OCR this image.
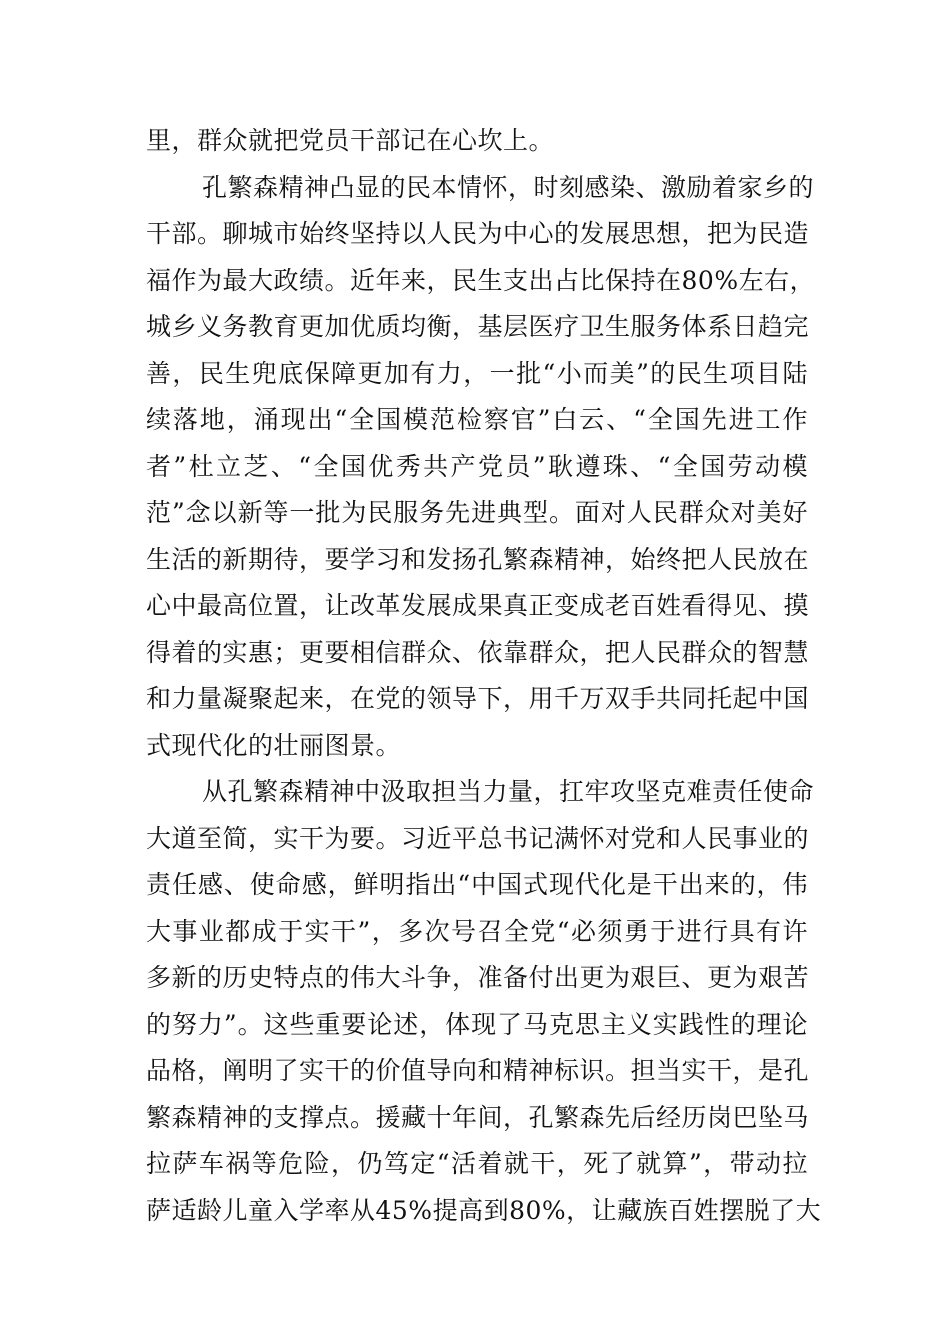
里，群众就把党员干部记在心坎上。
孔繁森精神凸显的民本情怀，时刻感染、激励着家乡的
干部。聊城市始终坚持以人民为中心的发展思想，把为民造
福作为最大政绩。近年来，民生支出占比保持在80%左右，
城乡义务教育更加优质均衡，基层医疗卫生服务体系日趋完
善，民生兜底保障更加有力，一批“小而美”的民生项目陆
续落地，涌现出“全国模范检察官”白云、“全国先进工作
者”杜立芝、“全国优秀共产党员”耿遵珠、“全国劳动模
范”念以新等一批为民服务先进典型。面对人民群众对美好
生活的新期待，要学习和发扬孔繁森精神，始终把人民放在
心中最高位置，让改革发展成果真正变成老百姓看得见、摸
得着的实惠；更要相信群众、依靠群众，把人民群众的智慧
和力量凝聚起来，在党的领导下，用千万双手共同托起中国
式现代化的壮丽图景。
从孔繁森精神中汲取担当力量，扛牢攻坚克难责任使命
大道至简，实干为要。习近平总书记满怀对党和人民事业的
责任感、使命感，鲜明指出“中国式现代化是干出来的，伟
大事业都成于实干”，多次号召全党“必须勇于进行具有许
多新的历史特点的伟大斗争，准备付出更为艰巨、更为艰苦
的努力”。这些重要论述，体现了马克思主义实践性的理论
品格，阐明了实干的价值导向和精神标识。担当实干，是孔
繁森精神的支撑点。援藏十年间，孔繁森先后经历岗巴坠马
拉萨车祸等危险，仍笃定“活着就干，死了就算”，带动拉
萨适龄儿童入学率从45%提高到80%，让藏族百姓摆脱了大
